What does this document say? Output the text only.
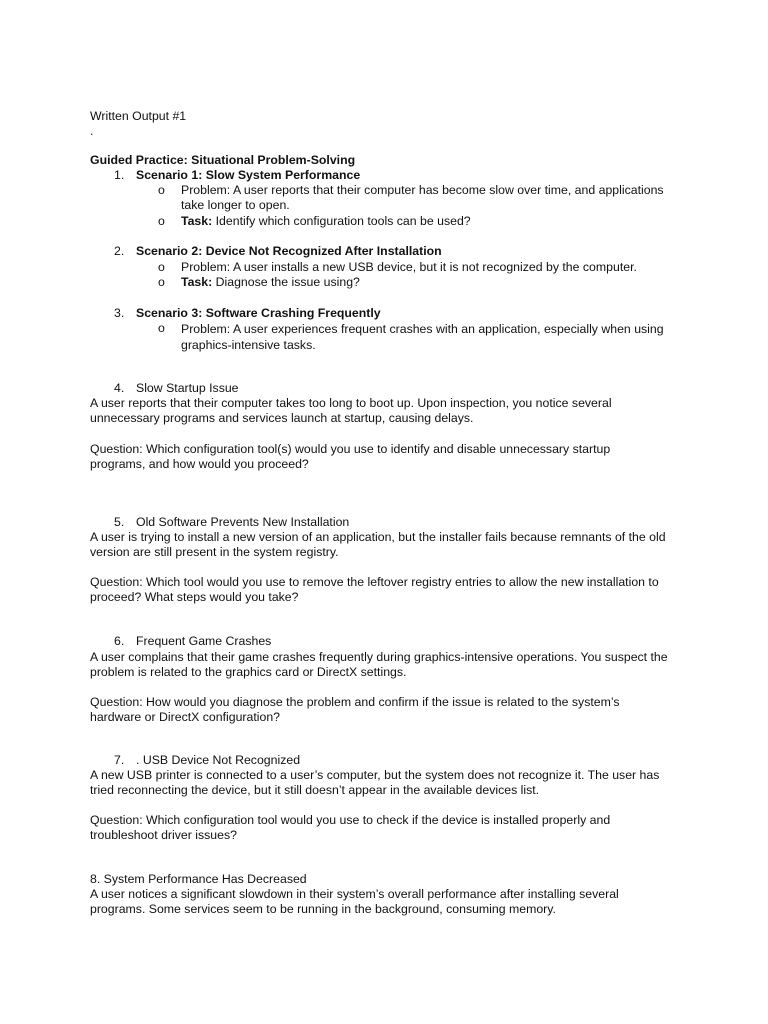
Written Output #1
.
Guided Practice: Situational Problem-Solving
1. Scenario 1: Slow System Performance
o Problem: A user reports that their computer has become slow over time, and applications take longer to open.
o Task: Identify which configuration tools can be used?
2. Scenario 2: Device Not Recognized After Installation
o Problem: A user installs a new USB device, but it is not recognized by the computer.
o Task: Diagnose the issue using?
3. Scenario 3: Software Crashing Frequently
o Problem: A user experiences frequent crashes with an application, especially when using graphics-intensive tasks.
4. Slow Startup Issue
A user reports that their computer takes too long to boot up. Upon inspection, you notice several unnecessary programs and services launch at startup, causing delays.
Question: Which configuration tool(s) would you use to identify and disable unnecessary startup programs, and how would you proceed?
5. Old Software Prevents New Installation
A user is trying to install a new version of an application, but the installer fails because remnants of the old version are still present in the system registry.
Question: Which tool would you use to remove the leftover registry entries to allow the new installation to proceed? What steps would you take?
6. Frequent Game Crashes
A user complains that their game crashes frequently during graphics-intensive operations. You suspect the problem is related to the graphics card or DirectX settings.
Question: How would you diagnose the problem and confirm if the issue is related to the system’s hardware or DirectX configuration?
7. . USB Device Not Recognized
A new USB printer is connected to a user’s computer, but the system does not recognize it. The user has tried reconnecting the device, but it still doesn’t appear in the available devices list.
Question: Which configuration tool would you use to check if the device is installed properly and troubleshoot driver issues?
8. System Performance Has Decreased
A user notices a significant slowdown in their system’s overall performance after installing several programs. Some services seem to be running in the background, consuming memory.
